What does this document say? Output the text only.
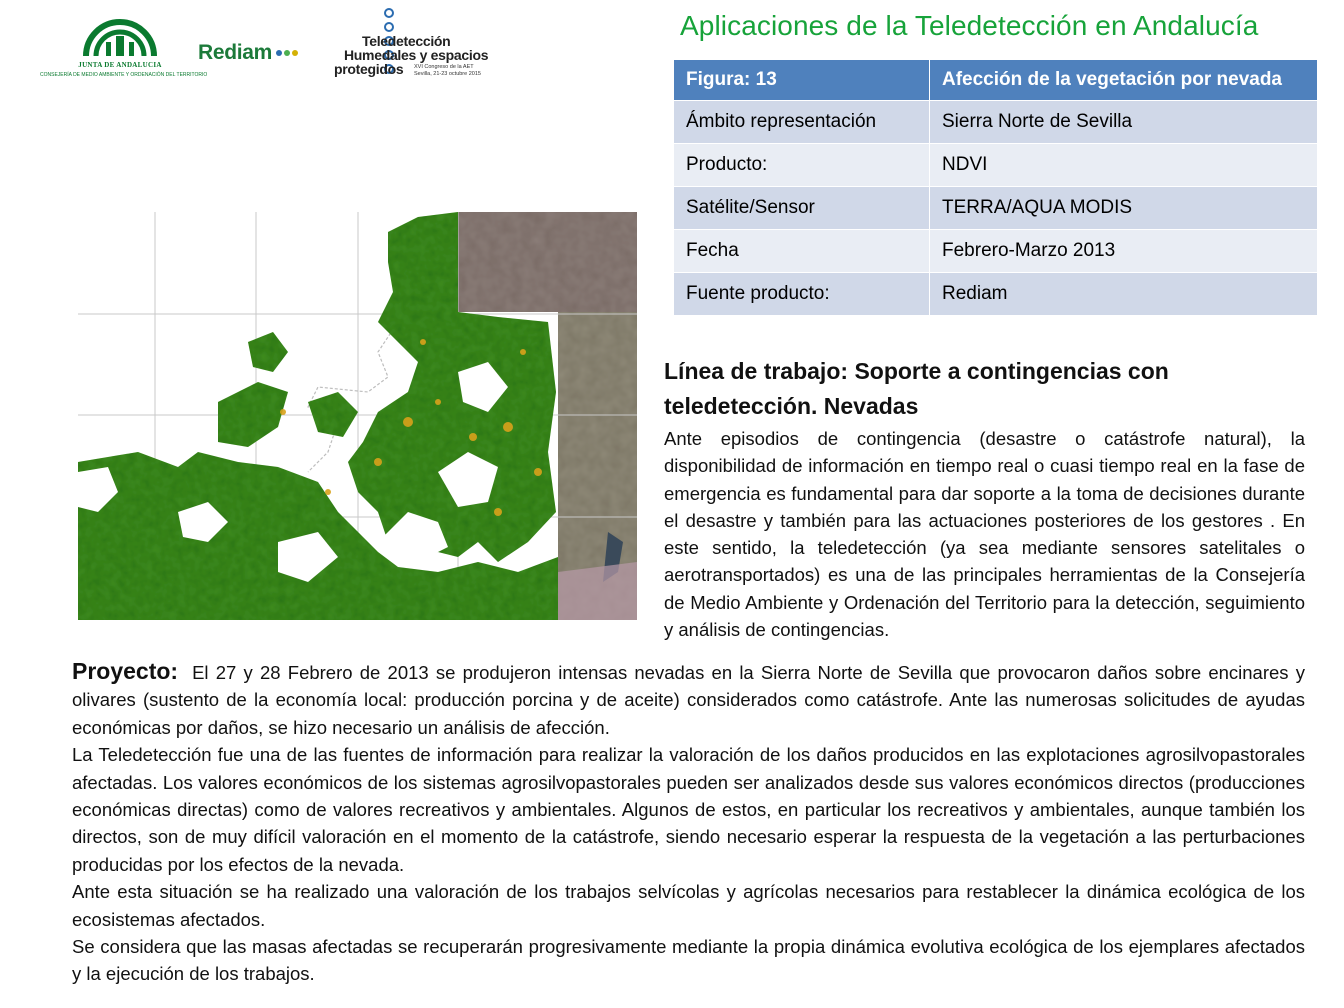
JUNTA DE ANDALUCIA
CONSEJERÍA DE MEDIO AMBIENTE Y ORDENACIÓN DEL TERRITORIO
Rediam	Teledetección
Humedales y espacios
protegidos XVI Congreso de la AET
Sevilla, 21-23 octubre 2015
Aplicaciones de la Teledetección en Andalucía
Figura: 13	Afección de la vegetación por nevada
Ámbito representación	Sierra Norte de Sevilla
Producto:	NDVI
Satélite/Sensor	TERRA/AQUA MODIS
Fecha	Febrero-Marzo 2013
Fuente producto:	Rediam
Línea de trabajo: Soporte a contingencias con teledetección. Nevadas
Ante episodios de contingencia (desastre o catástrofe natural), la disponibilidad de información en tiempo real o cuasi tiempo real en la fase de emergencia es fundamental para dar soporte a la toma de decisiones durante el desastre y también para las actuaciones posteriores de los gestores . En este sentido, la teledetección (ya sea mediante sensores satelitales o aerotransportados) es una de las principales herramientas de la Consejería de Medio Ambiente y Ordenación del Territorio para la detección, seguimiento y análisis de contingencias.

Proyecto: El 27 y 28 Febrero de 2013 se produjeron intensas nevadas en la Sierra Norte de Sevilla que provocaron daños sobre encinares y olivares (sustento de la economía local: producción porcina y de aceite) considerados como catástrofe. Ante las numerosas solicitudes de ayudas económicas por daños, se hizo necesario un análisis de afección.

La Teledetección fue una de las fuentes de información para realizar la valoración de los daños producidos en las explotaciones agrosilvopastorales afectadas. Los valores económicos de los sistemas agrosilvopastorales pueden ser analizados desde sus valores económicos directos (producciones económicas directas) como de valores recreativos y ambientales. Algunos de estos, en particular los recreativos y ambientales, aunque también los directos, son de muy difícil valoración en el momento de la catástrofe, siendo necesario esperar la respuesta de la vegetación a las perturbaciones producidas por los efectos de la nevada.

Ante esta situación se ha realizado una valoración de los trabajos selvícolas y agrícolas necesarios para restablecer la dinámica ecológica de los ecosistemas afectados.

Se considera que las masas afectadas se recuperarán progresivamente mediante la propia dinámica evolutiva ecológica de los ejemplares afectados y la ejecución de los trabajos.
